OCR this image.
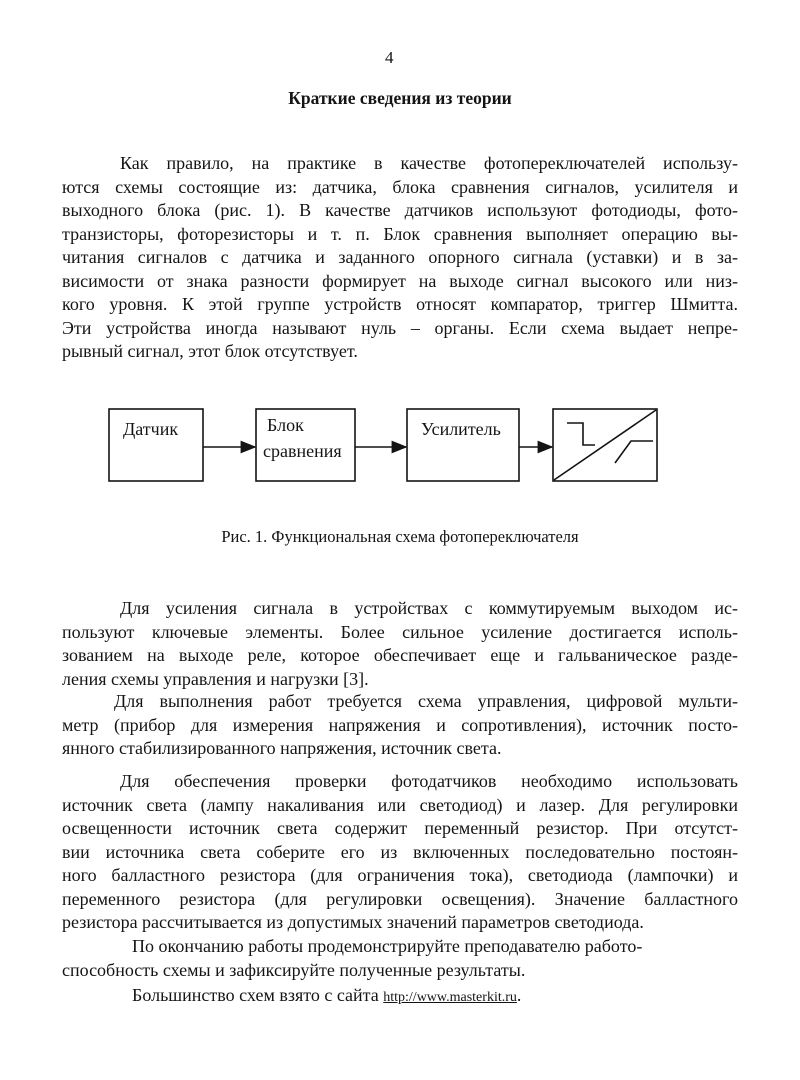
4
Краткие сведения из теории
Как правило, на практике в качестве фотопереключателей использу-
ются схемы состоящие из: датчика, блока сравнения сигналов, усилителя и
выходного блока (рис. 1). В качестве датчиков используют фотодиоды, фото-
транзисторы, фоторезисторы и т. п. Блок сравнения выполняет операцию вы-
читания сигналов с датчика и заданного опорного сигнала (уставки) и в за-
висимости от знака разности формирует на выходе сигнал высокого или низ-
кого уровня. К этой группе устройств относят компаратор, триггер Шмитта.
Эти устройства иногда называют нуль – органы. Если схема выдает непре-
рывный сигнал, этот блок отсутствует.
Датчик	Блок
сравнения
Усилитель
Рис. 1. Функциональная схема фотопереключателя
Для усиления сигнала в устройствах с коммутируемым выходом ис-
пользуют ключевые элементы. Более сильное усиление достигается исполь-
зованием на выходе реле, которое обеспечивает еще и гальваническое разде-
ления схемы управления и нагрузки [3].
Для выполнения работ требуется схема управления, цифровой мульти-
метр (прибор для измерения напряжения и сопротивления), источник посто-
янного стабилизированного напряжения, источник света.
Для обеспечения проверки фотодатчиков необходимо использовать
источник света (лампу накаливания или светодиод) и лазер. Для регулировки
освещенности источник света содержит переменный резистор. При отсутст-
вии источника света соберите его из включенных последовательно постоян-
ного балластного резистора (для ограничения тока), светодиода (лампочки) и
переменного резистора (для регулировки освещения). Значение балластного
резистора рассчитывается из допустимых значений параметров светодиода.
По окончанию работы продемонстрируйте преподавателю работо-
способность схемы и зафиксируйте полученные результаты.
Большинство схем взято с сайта http://www.masterkit.ru.
